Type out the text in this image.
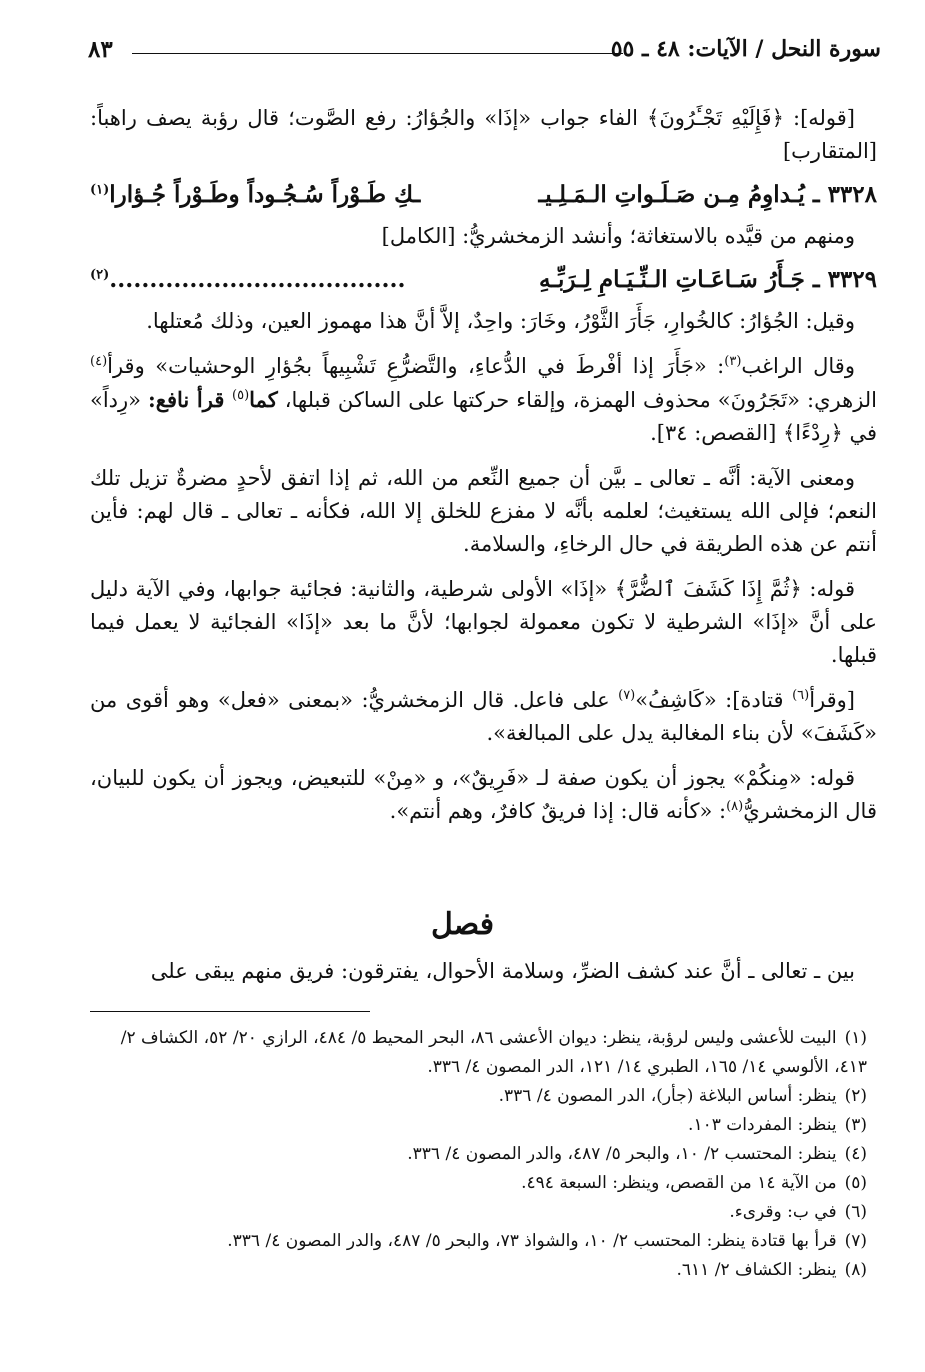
سورة النحل / الآيات: ٤٨ ـ ٥٥
٨٣

[قوله]: ﴿فَإِلَيْهِ تَجْـَٔرُونَ﴾ الفاء جواب «إذَا» والجُؤارُ: رفع الصَّوت؛ قال رؤبة يصف راهباً: [المتقارب]

٣٣٢٨ ـ يُـداوِمُ مِـن صَـلَـواتِ الـمَـلِـيـ
ـكِ طَـوْراً سُـجُـوداً وطَـوْراً جُـؤارا$^{(١)}$

ومنهم من قيَّده بالاستغاثة؛ وأنشد الزمخشريُّ: [الكامل]

٣٣٢٩ ـ جَـأَرُ سَـاعَـاتِ الـنِّـيَـامِ لِـرَبِّـهِ
.....................................$^{(٢)}$

وقيل: الجُؤارُ: كالخُوارِ، جَأَرَ الثَّوْرُ، وخَارَ: واحِدٌ، إلاَّ أنَّ هذا مهموز العين، وذلك مُعتلها.

وقال الراغب$^{(٣)}$: «جَأَرَ إذا أفْرطَ في الدُّعاءِ، والتَّضرُّعِ تَشْبِيهاً بجُؤارِ الوحشيات» وقرأ$^{(٤)}$ الزهري: «تَجَرُونَ» محذوف الهمزة، وإلقاء حركتها على الساكن قبلها، كما$^{(٥)}$ قرأ نافع: «رِداً» في ﴿رِدْءًا﴾ [القصص: ٣٤].

ومعنى الآية: أنَّه ـ تعالى ـ بيَّن أن جميع النِّعم من الله، ثم إذا اتفق لأحدٍ مضرةٌ تزيل تلك النعم؛ فإلى الله يستغيث؛ لعلمه بأنَّه لا مفزع للخلق إلا الله، فكأنه ـ تعالى ـ قال لهم: فأين أنتم عن هذه الطريقة في حال الرخاءِ، والسلامة.

قوله: ﴿ثُمَّ إِذَا كَشَفَ ٱلضُّرَّ﴾ «إذَا» الأولى شرطية، والثانية: فجائية جوابها، وفي الآية دليل على أنَّ «إذَا» الشرطية لا تكون معمولة لجوابها؛ لأنَّ ما بعد «إذَا» الفجائية لا يعمل فيما قبلها.

[وقرأ$^{(٦)}$ قتادة]: «كَاشِفُ»$^{(٧)}$ على فاعل. قال الزمخشريُّ: «بمعنى «فعل» وهو أقوى من «كَشَفَ» لأن بناء المغالبة يدل على المبالغة».

قوله: «مِنكُمْ» يجوز أن يكون صفة لـ «فَرِيقٌ»، و «مِنْ» للتبعيض، ويجوز أن يكون للبيان، قال الزمخشريُّ$^{(٨)}$: «كأنه قال: إذا فريقٌ كافرٌ، وهم أنتم».

فصل
بين ـ تعالى ـ أنَّ عند كشف الضرِّ، وسلامة الأحوال، يفترقون: فريق منهم يبقى على

(١)البيت للأعشى وليس لرؤبة، ينظر: ديوان الأعشى ٨٦، البحر المحيط ٥/ ٤٨٤، الرازي ٢٠/ ٥٢، الكشاف ٢/ ٤١٣، الألوسي ١٤/ ١٦٥، الطبري ١٤/ ١٢١، الدر المصون ٤/ ٣٣٦.

(٢)ينظر: أساس البلاغة (جأر)، الدر المصون ٤/ ٣٣٦.

(٣)ينظر: المفردات ١٠٣.

(٤)ينظر: المحتسب ٢/ ١٠، والبحر ٥/ ٤٨٧، والدر المصون ٤/ ٣٣٦.

(٥)من الآية ١٤ من القصص، وينظر: السبعة ٤٩٤.

(٦)في ب: وقرىء.

(٧)قرأ بها قتادة ينظر: المحتسب ٢/ ١٠، والشواذ ٧٣، والبحر ٥/ ٤٨٧، والدر المصون ٤/ ٣٣٦.

(٨)ينظر: الكشاف ٢/ ٦١١.
